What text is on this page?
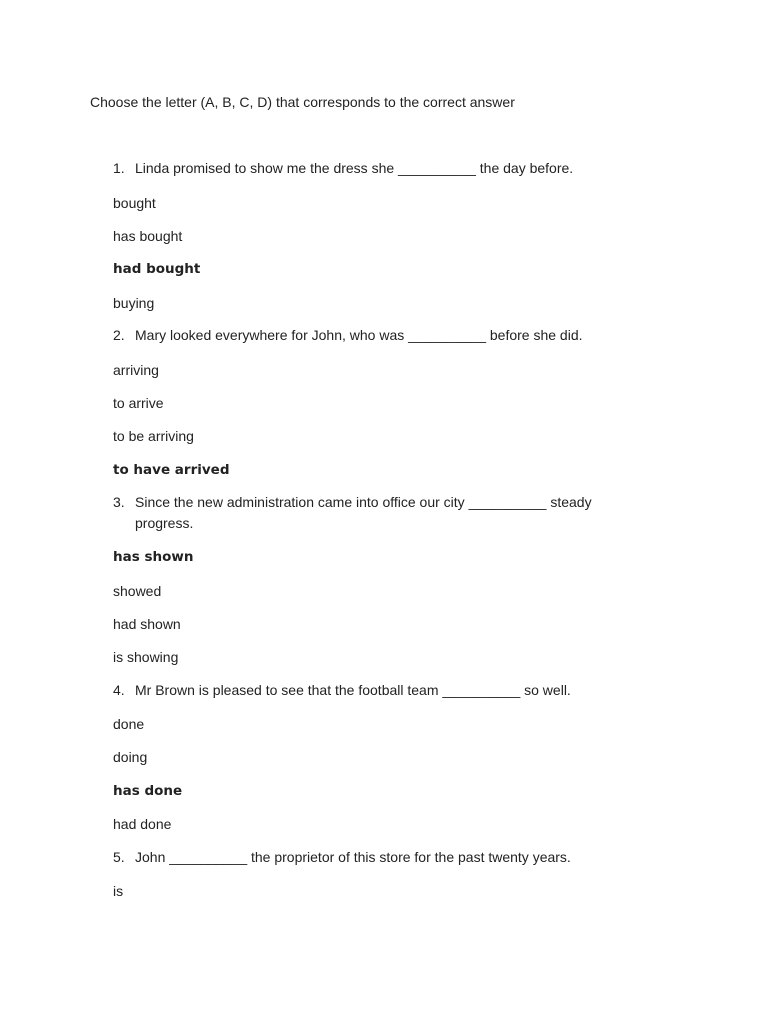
Choose the letter (A, B, C, D) that corresponds to the correct answer
1. Linda promised to show me the dress she __________ the day before.
bought
has bought
had bought
buying
2. Mary looked everywhere for John, who was __________ before she did.
arriving
to arrive
to be arriving
to have arrived
3. Since the new administration came into office our city __________ steady progress.
has shown
showed
had shown
is showing
4. Mr Brown is pleased to see that the football team __________ so well.
done
doing
has done
had done
5. John __________ the proprietor of this store for the past twenty years.
is
